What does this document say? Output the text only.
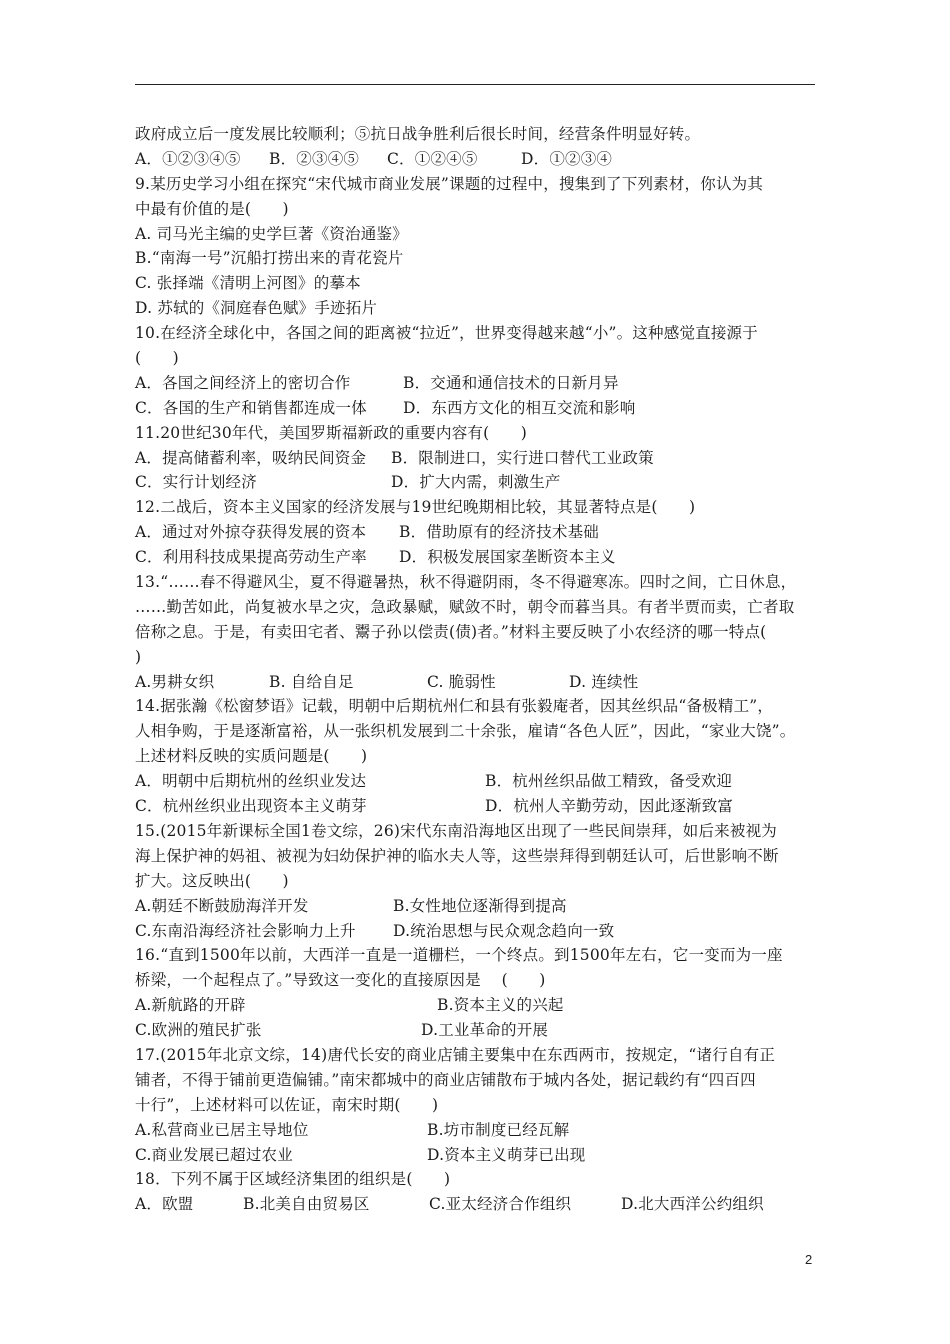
政府成立后一度发展比较顺利；⑤抗日战争胜利后很长时间，经营条件明显好转。
A．①②③④⑤	B．②③④⑤	C．①②④⑤	D．①②③④
9.某历史学习小组在探究“宋代城市商业发展”课题的过程中，搜集到了下列素材，你认为其
中最有价值的是(　　)
A. 司马光主编的史学巨著《资治通鉴》
B.“南海一号”沉船打捞出来的青花瓷片
C. 张择端《清明上河图》的摹本
D. 苏轼的《洞庭春色赋》手迹拓片
10.在经济全球化中，各国之间的距离被“拉近”，世界变得越来越“小”。这种感觉直接源于
(　　)
A．各国之间经济上的密切合作	B．交通和通信技术的日新月异
C．各国的生产和销售都连成一体	D．东西方文化的相互交流和影响
11.20世纪30年代，美国罗斯福新政的重要内容有(　　)
A．提高储蓄利率，吸纳民间资金	B．限制进口，实行进口替代工业政策
C．实行计划经济	D．扩大内需，刺激生产
12.二战后，资本主义国家的经济发展与19世纪晚期相比较，其显著特点是(　　)
A．通过对外掠夺获得发展的资本	B．借助原有的经济技术基础
C．利用科技成果提高劳动生产率	D．积极发展国家垄断资本主义
13.“……春不得避风尘，夏不得避暑热，秋不得避阴雨，冬不得避寒冻。四时之间，亡日休息，
……勤苦如此，尚复被水旱之灾，急政暴赋，赋敛不时，朝令而暮当具。有者半贾而卖，亡者取
倍称之息。于是，有卖田宅者、鬻子孙以偿责(债)者。”材料主要反映了小农经济的哪一特点(
)
A.男耕女织	B. 自给自足	C. 脆弱性	D. 连续性
14.据张瀚《松窗梦语》记载，明朝中后期杭州仁和县有张毅庵者，因其丝织品“备极精工”，
人相争购，于是逐渐富裕，从一张织机发展到二十余张，雇请“各色人匠”，因此，“家业大饶”。
上述材料反映的实质问题是(　　)
A．明朝中后期杭州的丝织业发达	B．杭州丝织品做工精致，备受欢迎
C．杭州丝织业出现资本主义萌芽	D．杭州人辛勤劳动，因此逐渐致富
15.(2015年新课标全国1卷文综，26)宋代东南沿海地区出现了一些民间崇拜，如后来被视为
海上保护神的妈祖、被视为妇幼保护神的临水夫人等，这些崇拜得到朝廷认可，后世影响不断
扩大。这反映出(　　)
A.朝廷不断鼓励海洋开发	B.女性地位逐渐得到提高
C.东南沿海经济社会影响力上升	D.统治思想与民众观念趋向一致
16.“直到1500年以前，大西洋一直是一道栅栏，一个终点。到1500年左右，它一变而为一座
桥梁，一个起程点了。”导致这一变化的直接原因是 　(　　)
A.新航路的开辟	B.资本主义的兴起
C.欧洲的殖民扩张	D.工业革命的开展
17.(2015年北京文综，14)唐代长安的商业店铺主要集中在东西两市，按规定，“诸行自有正
铺者，不得于铺前更造偏铺。”南宋都城中的商业店铺散布于城内各处，据记载约有“四百四
十行”，上述材料可以佐证，南宋时期(　　)
A.私营商业已居主导地位	B.坊市制度已经瓦解
C.商业发展已超过农业	D.资本主义萌芽已出现
18．下列不属于区域经济集团的组织是(　　)
A．欧盟	B.北美自由贸易区	C.亚太经济合作组织	D.北大西洋公约组织
2
